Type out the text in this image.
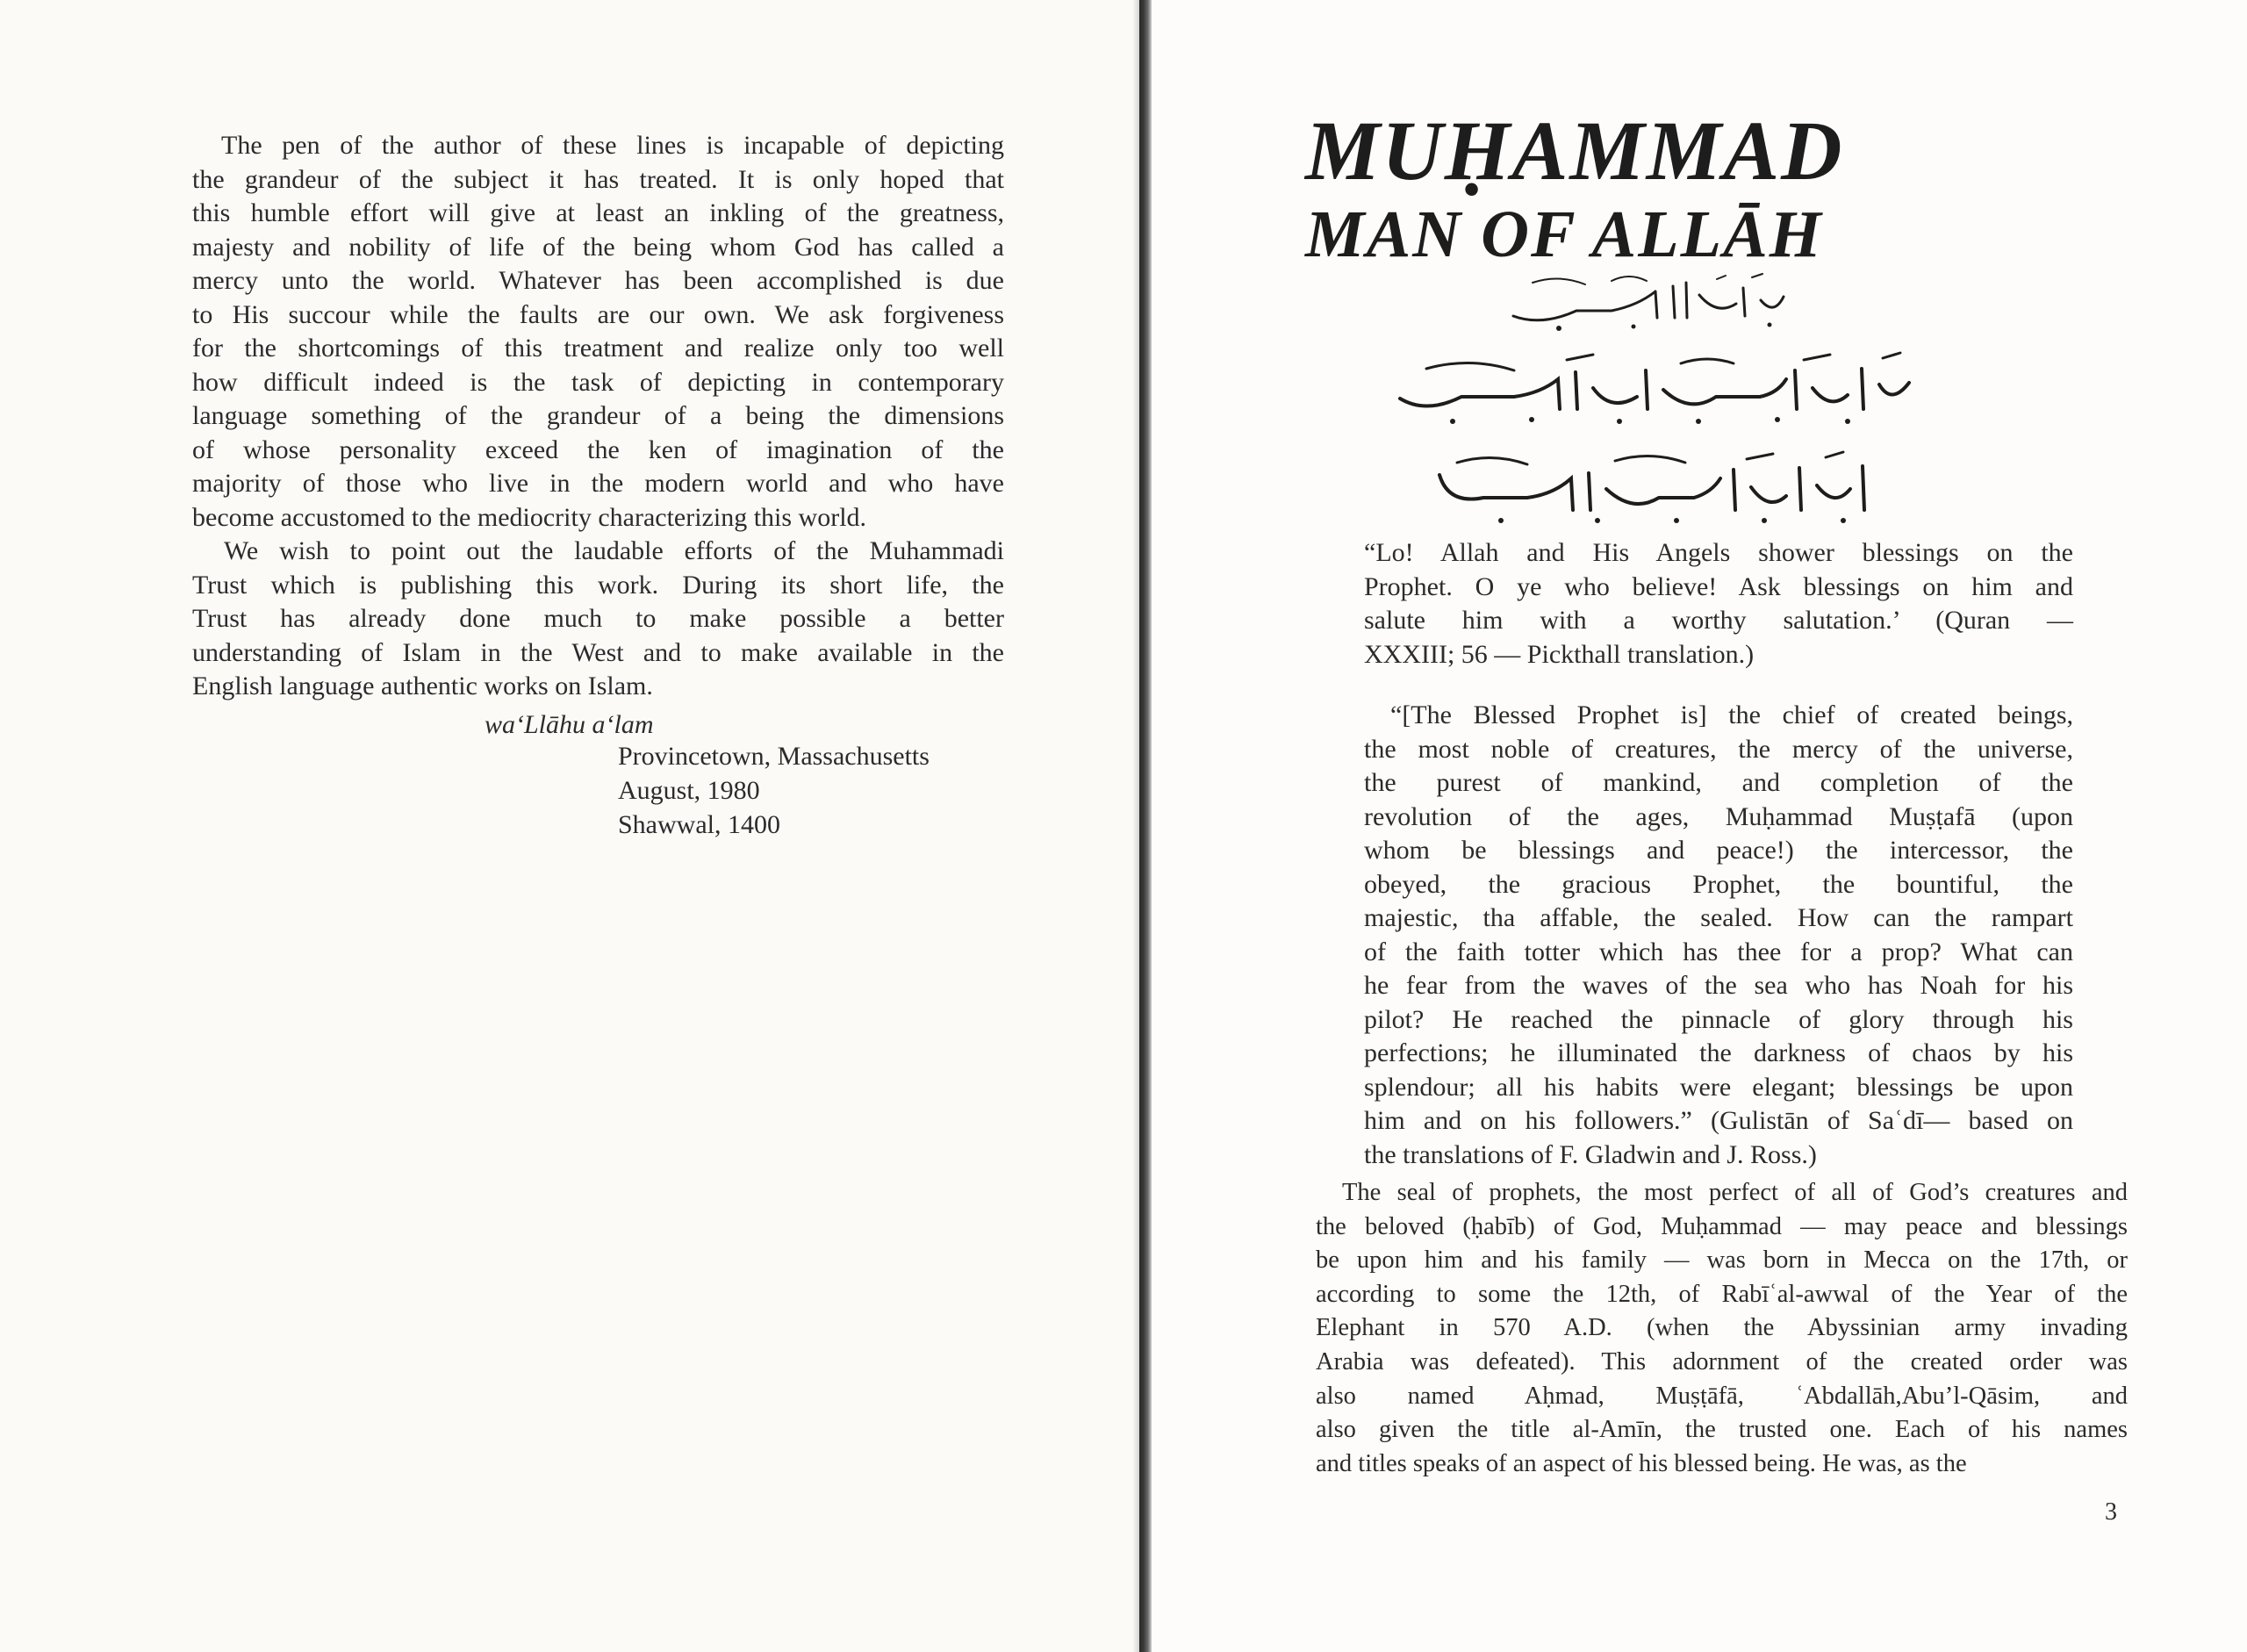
The pen of the author of these lines is incapable of depicting
the grandeur of the subject it has treated. It is only hoped that
this humble effort will give at least an inkling of the greatness,
majesty and nobility of life of the being whom God has called a
mercy unto the world. Whatever has been accomplished is due
to His succour while the faults are our own. We ask forgiveness
for the shortcomings of this treatment and realize only too well
how difficult indeed is the task of depicting in contemporary
language something of the grandeur of a being the dimensions
of whose personality exceed the ken of imagination of the
majority of those who live in the modern world and who have
become accustomed to the mediocrity characterizing this world.

We wish to point out the laudable efforts of the Muhammadi
Trust which is publishing this work. During its short life, the
Trust has already done much to make possible a better
understanding of Islam in the West and to make available in the
English language authentic works on Islam.

wa‘Llāhu a‘lam
Provincetown, Massachusetts
August, 1980
Shawwal, 1400
MUḤAMMAD
MAN OF ALLĀH

“Lo! Allah and His Angels shower blessings on the
Prophet. O ye who believe! Ask blessings on him and
salute him with a worthy salutation.’ (Quran —
XXXIII; 56 — Pickthall translation.)

“[The Blessed Prophet is] the chief of created beings,
the most noble of creatures, the mercy of the universe,
the purest of mankind, and completion of the
revolution of the ages, Muḥammad Muṣṭafā (upon
whom be blessings and peace!) the intercessor, the
obeyed, the gracious Prophet, the bountiful, the
majestic, tha affable, the sealed. How can the rampart
of the faith totter which has thee for a prop? What can
he fear from the waves of the sea who has Noah for his
pilot? He reached the pinnacle of glory through his
perfections; he illuminated the darkness of chaos by his
splendour; all his habits were elegant; blessings be upon
him and on his followers.” (Gulistān of Saʿdī— based on
the translations of F. Gladwin and J. Ross.)

The seal of prophets, the most perfect of all of God’s creatures and
the beloved (ḥabīb) of God, Muḥammad — may peace and blessings
be upon him and his family — was born in Mecca on the 17th, or
according to some the 12th, of Rabīʿal-awwal of the Year of the
Elephant in 570 A.D. (when the Abyssinian army invading
Arabia was defeated). This adornment of the created order was
also named Aḥmad, Muṣṭāfā, ʿAbdallāh,Abu’l-Qāsim, and
also given the title al-Amīn, the trusted one. Each of his names
and titles speaks of an aspect of his blessed being. He was, as the

3
